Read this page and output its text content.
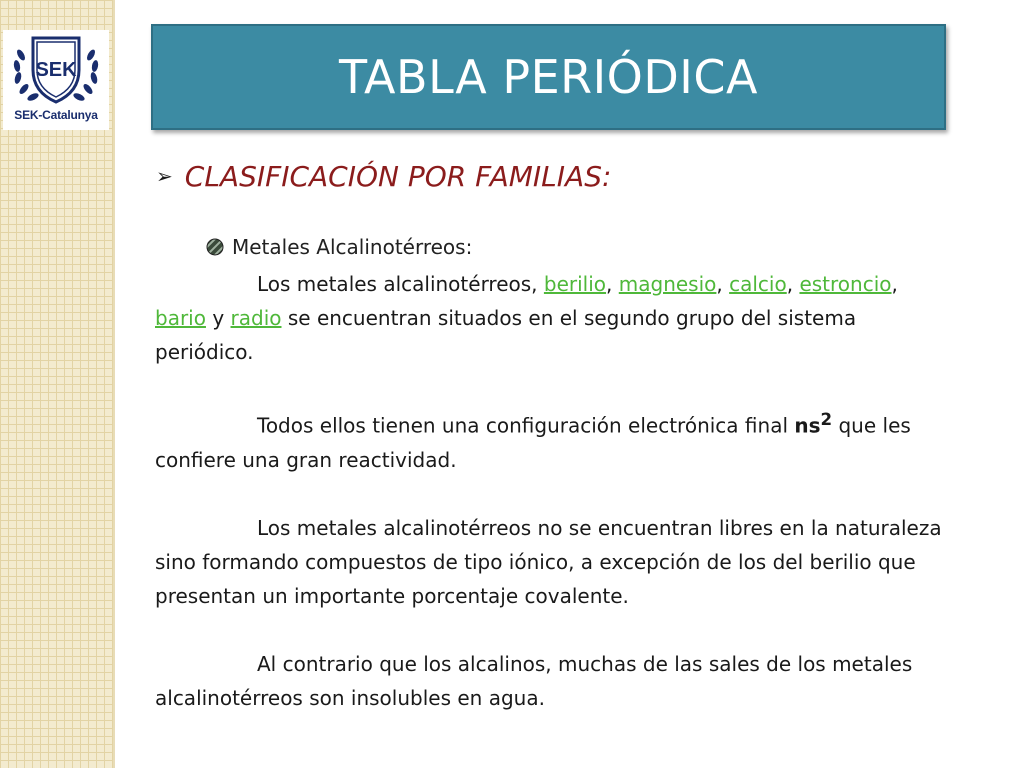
SEK
SEK-Catalunya
TABLA PERIÓDICA
➢ CLASIFICACIÓN POR FAMILIAS:
Metales Alcalinotérreos:

Los metales alcalinotérreos, berilio, magnesio, calcio, estroncio, bario y radio se encuentran situados en el segundo grupo del sistema periódico.

Todos ellos tienen una configuración electrónica final $ns^2$ que les confiere una gran reactividad.

Los metales alcalinotérreos no se encuentran libres en la naturaleza sino formando compuestos de tipo iónico, a excepción de los del berilio que presentan un importante porcentaje covalente.

Al contrario que los alcalinos, muchas de las sales de los metales alcalinotérreos son insolubles en agua.
